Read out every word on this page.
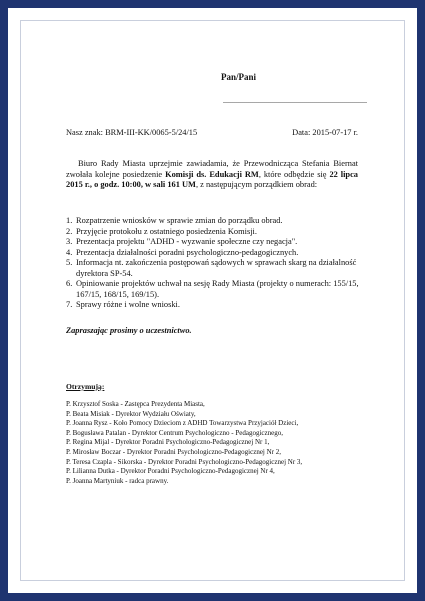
Pan/Pani
........................................................................
Nasz znak: BRM-III-KK/0065-5/24/15	Data: 2015-07-17 r.

Biuro Rady Miasta uprzejmie zawiadamia, że Przewodnicząca Stefania Biernat zwołała kolejne posiedzenie Komisji ds. Edukacji RM, które odbędzie się 22 lipca 2015 r., o godz. 10:00, w sali 161 UM, z następującym porządkiem obrad:

1. Rozpatrzenie wniosków w sprawie zmian do porządku obrad.
2. Przyjęcie protokołu z ostatniego posiedzenia Komisji.
3. Prezentacja projektu "ADHD - wyzwanie społeczne czy negacja".
4. Prezentacja działalności poradni psychologiczno-pedagogicznych.
5. Informacja nt. zakończenia postępowań sądowych w sprawach skarg na działalność dyrektora SP-54.
6. Opiniowanie projektów uchwał na sesję Rady Miasta (projekty o numerach: 155/15, 167/15, 168/15, 169/15).
7. Sprawy różne i wolne wnioski.
Zapraszając prosimy o uczestnictwo.
Otrzymują:
P. Krzysztof Soska - Zastępca Prezydenta Miasta,
P. Beata Misiak - Dyrektor Wydziału Oświaty,
P. Joanna Rysz - Koło Pomocy Dzieciom z ADHD Towarzystwa Przyjaciół Dzieci,
P. Bogusława Patalan - Dyrektor Centrum Psychologiczno - Pedagogicznego,
P. Regina Mijal - Dyrektor Poradni Psychologiczno-Pedagogicznej Nr 1,
P. Mirosław Boczar - Dyrektor Poradni Psychologiczno-Pedagogicznej Nr 2,
P. Teresa Czapla - Sikorska - Dyrektor Poradni Psychologiczno-Pedagogicznej Nr 3,
P. Lilianna Dutka - Dyrektor Poradni Psychologiczno-Pedagogicznej Nr 4,
P. Joanna Martyniuk - radca prawny.
